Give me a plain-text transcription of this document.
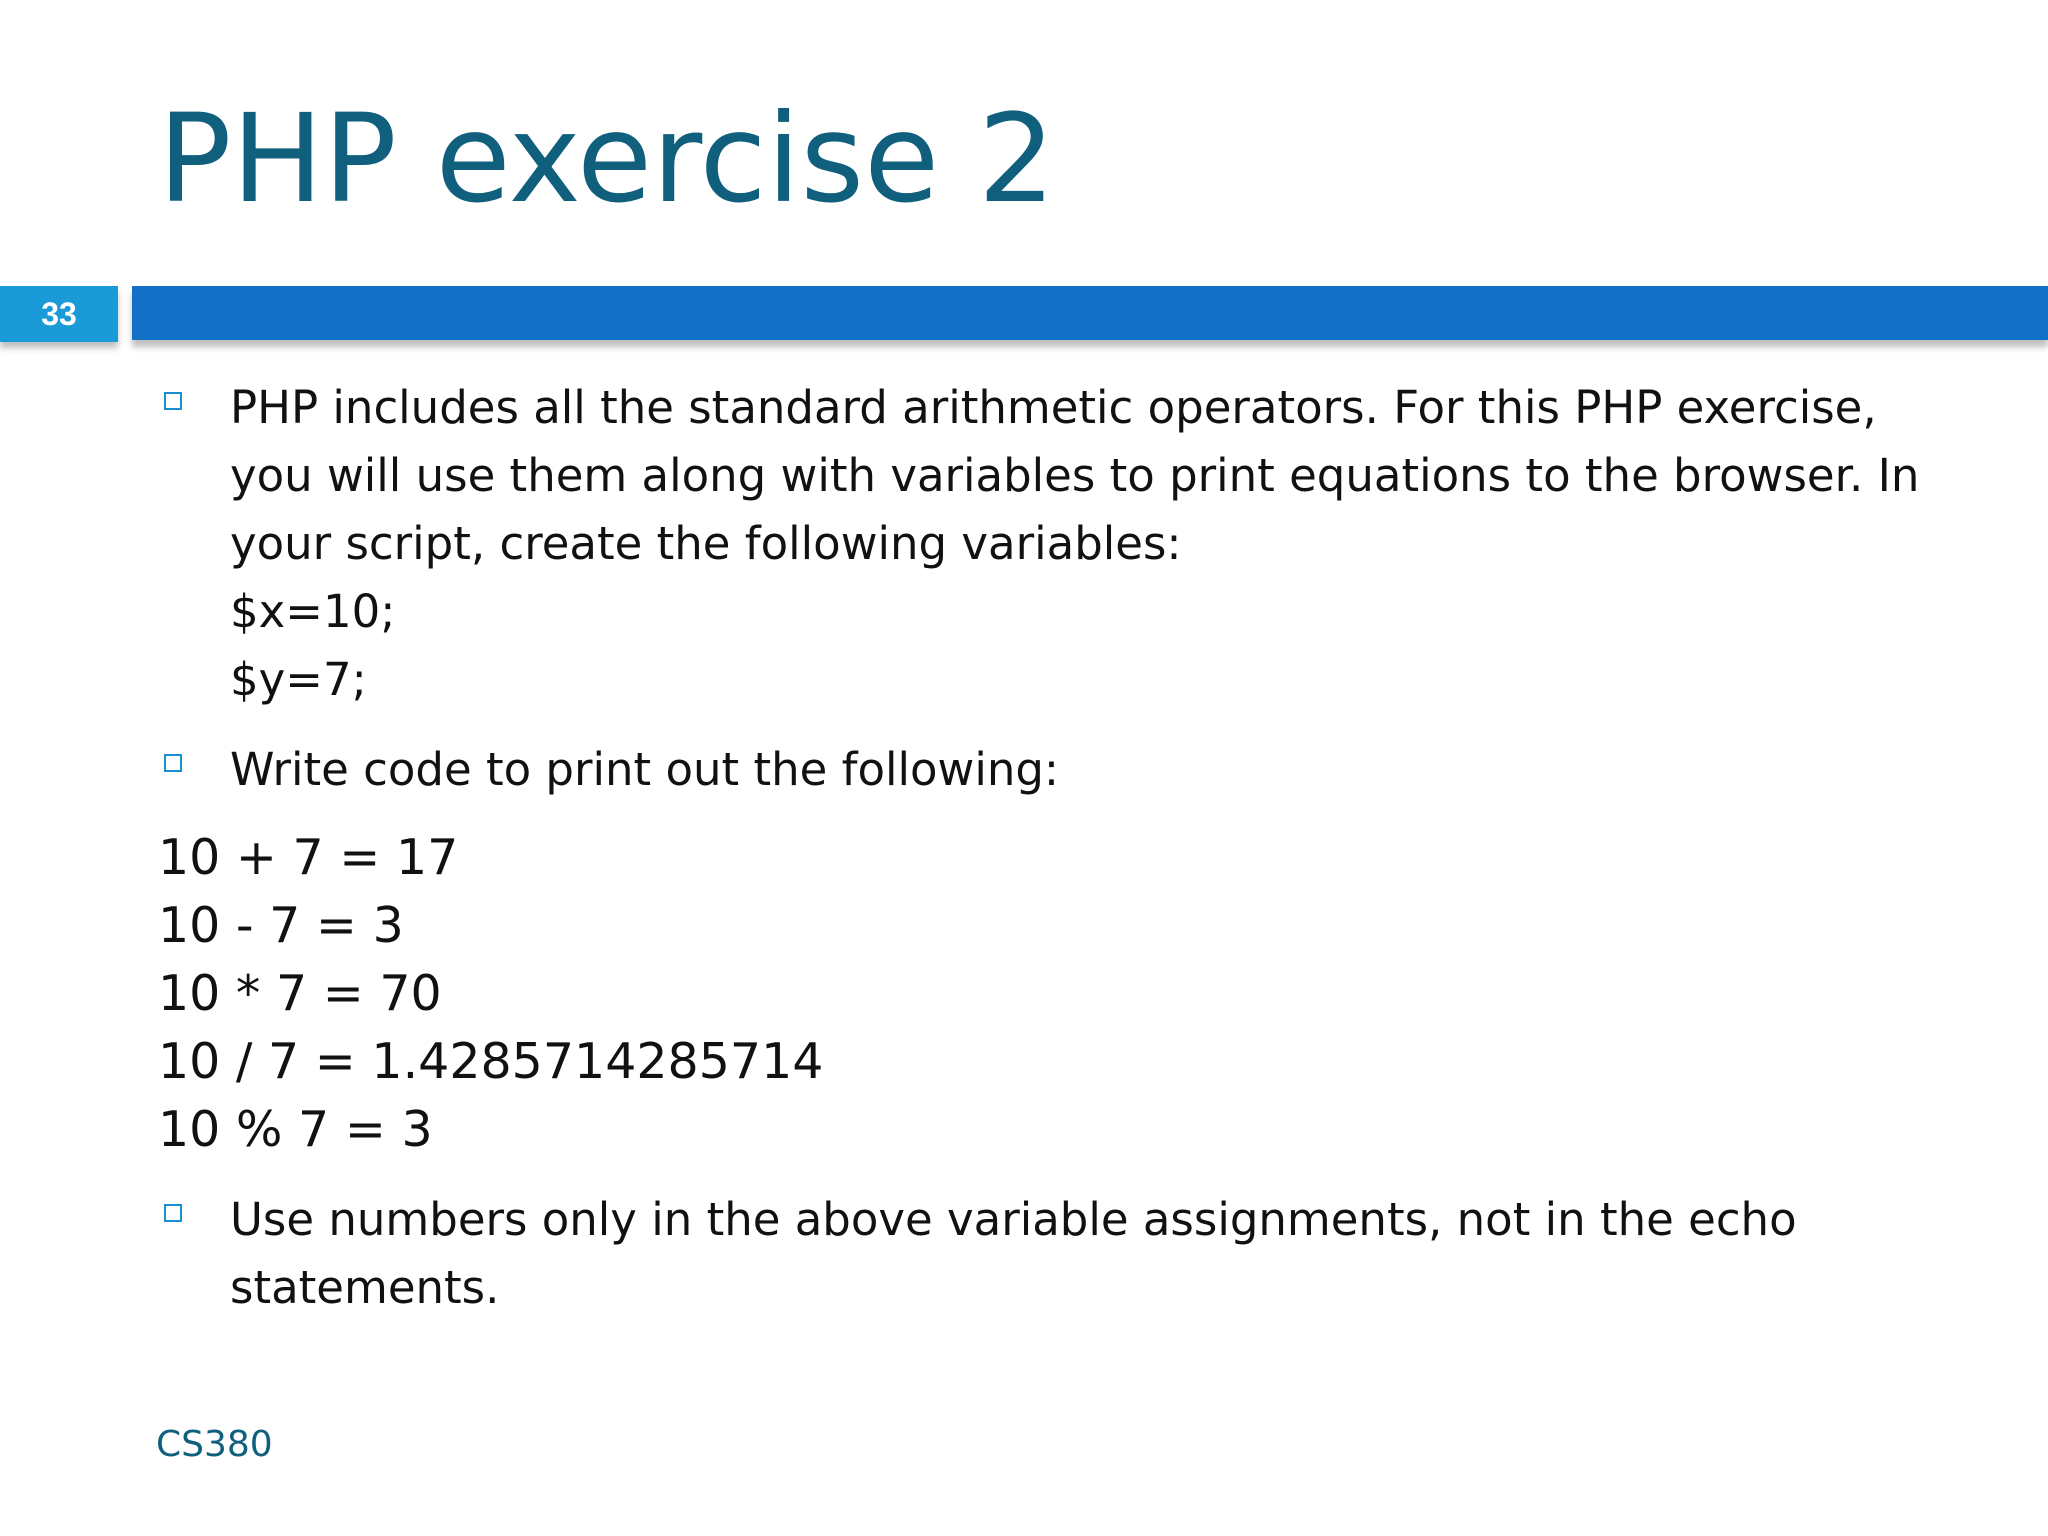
PHP exercise 2
33
PHP includes all the standard arithmetic operators. For this PHP exercise, you will use them along with variables to print equations to the browser. In your script, create the following variables:
$x=10;
$y=7;
Write code to print out the following:
10 + 7 = 17
10 - 7 = 3
10 * 7 = 70
10 / 7 = 1.4285714285714
10 % 7 = 3
Use numbers only in the above variable assignments, not in the echo statements.
CS380
